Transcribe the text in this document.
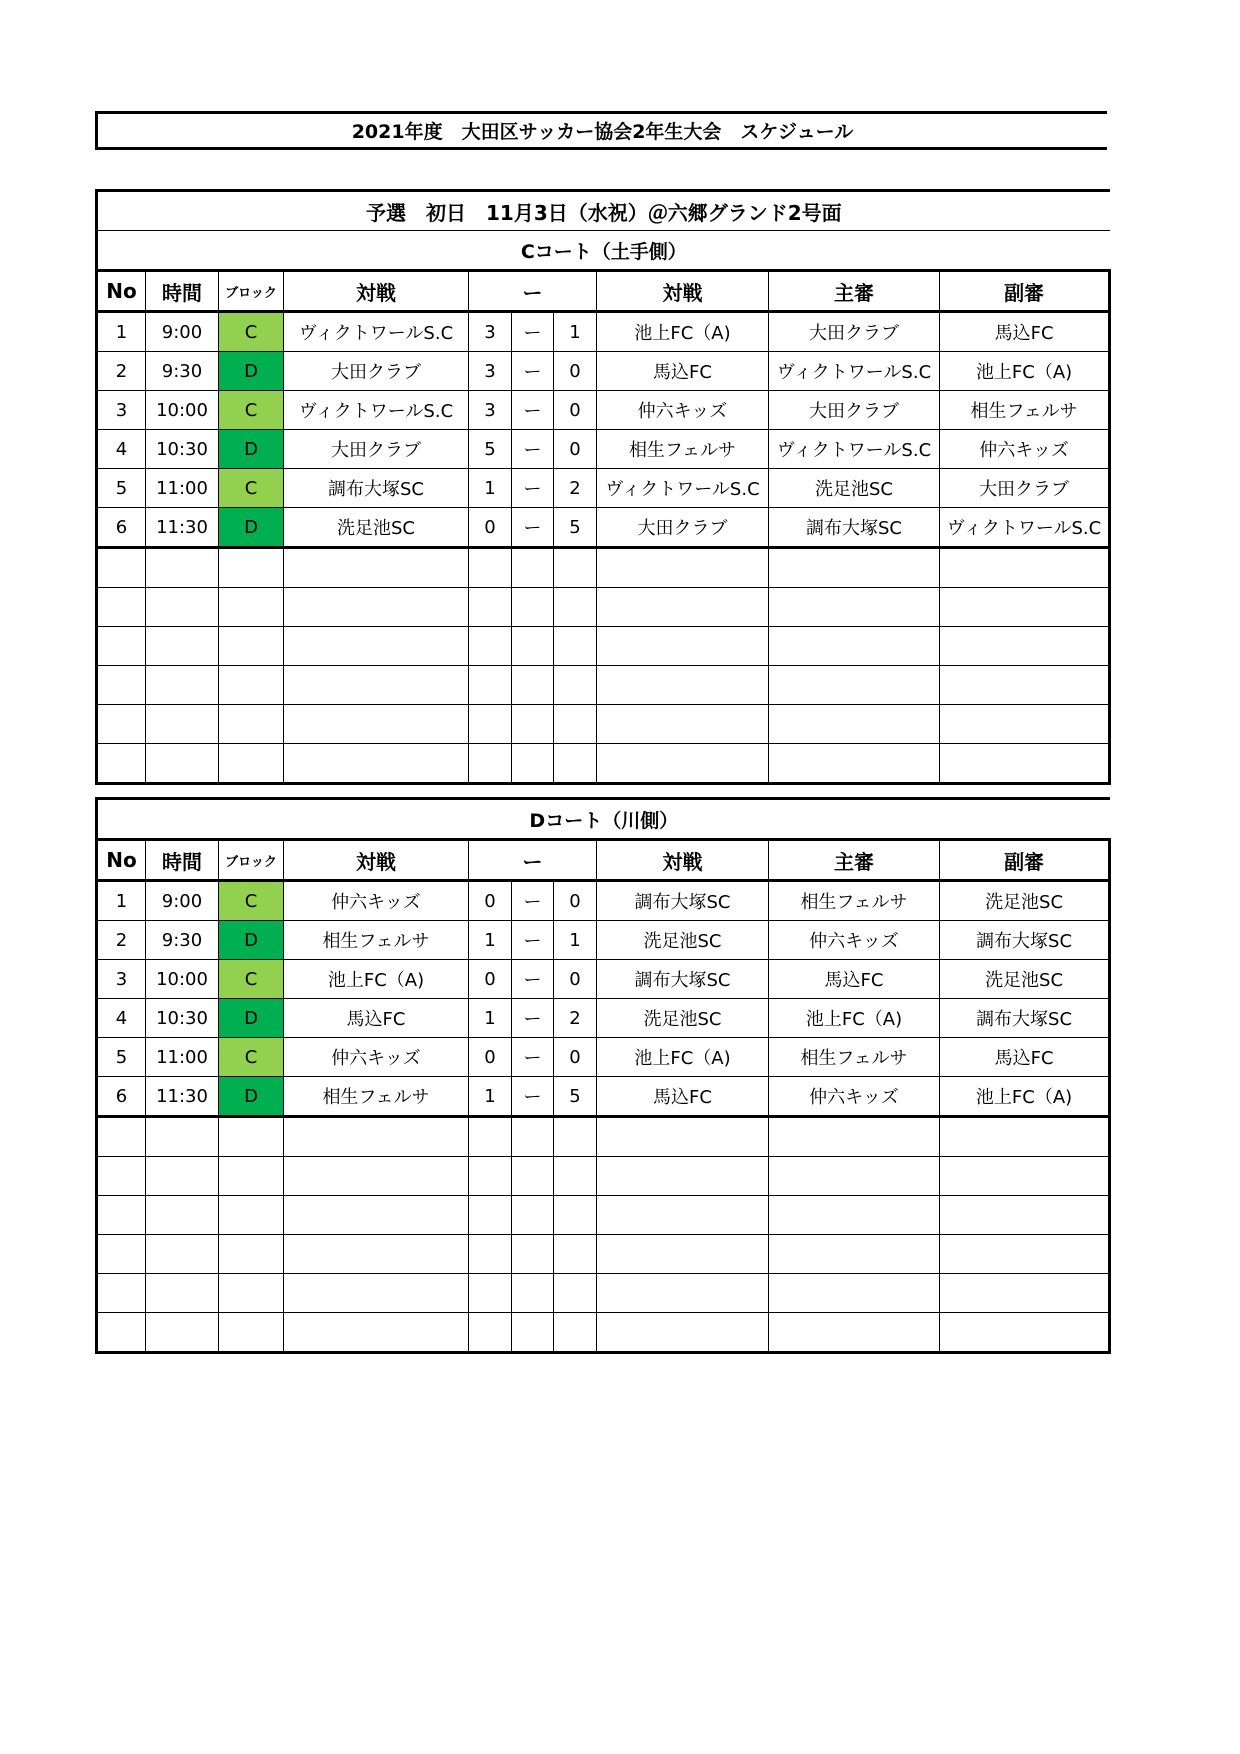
2021年度　大田区サッカー協会2年生大会　スケジュール
予選　初日　11月3日（水祝）＠六郷グランド2号面									
Cコート（土手側）									
No	時間	ブロック	対戦	ー			対戦	主審	副審
1	9:00	C	ヴィクトワールS.C	3	ー	1	池上FC（A)	大田クラブ	馬込FC
2	9:30	D	大田クラブ	3	ー	0	馬込FC	ヴィクトワールS.C	池上FC（A)
3	10:00	C	ヴィクトワールS.C	3	ー	0	仲六キッズ	大田クラブ	相生フェルサ
4	10:30	D	大田クラブ	5	ー	0	相生フェルサ	ヴィクトワールS.C	仲六キッズ
5	11:00	C	調布大塚SC	1	ー	2	ヴィクトワールS.C	洗足池SC	大田クラブ
6	11:30	D	洗足池SC	0	ー	5	大田クラブ	調布大塚SC	ヴィクトワールS.C

Dコート（川側）									
No	時間	ブロック	対戦	ー			対戦	主審	副審
1	9:00	C	仲六キッズ	0	ー	0	調布大塚SC	相生フェルサ	洗足池SC
2	9:30	D	相生フェルサ	1	ー	1	洗足池SC	仲六キッズ	調布大塚SC
3	10:00	C	池上FC（A)	0	ー	0	調布大塚SC	馬込FC	洗足池SC
4	10:30	D	馬込FC	1	ー	2	洗足池SC	池上FC（A)	調布大塚SC
5	11:00	C	仲六キッズ	0	ー	0	池上FC（A)	相生フェルサ	馬込FC
6	11:30	D	相生フェルサ	1	ー	5	馬込FC	仲六キッズ	池上FC（A)
